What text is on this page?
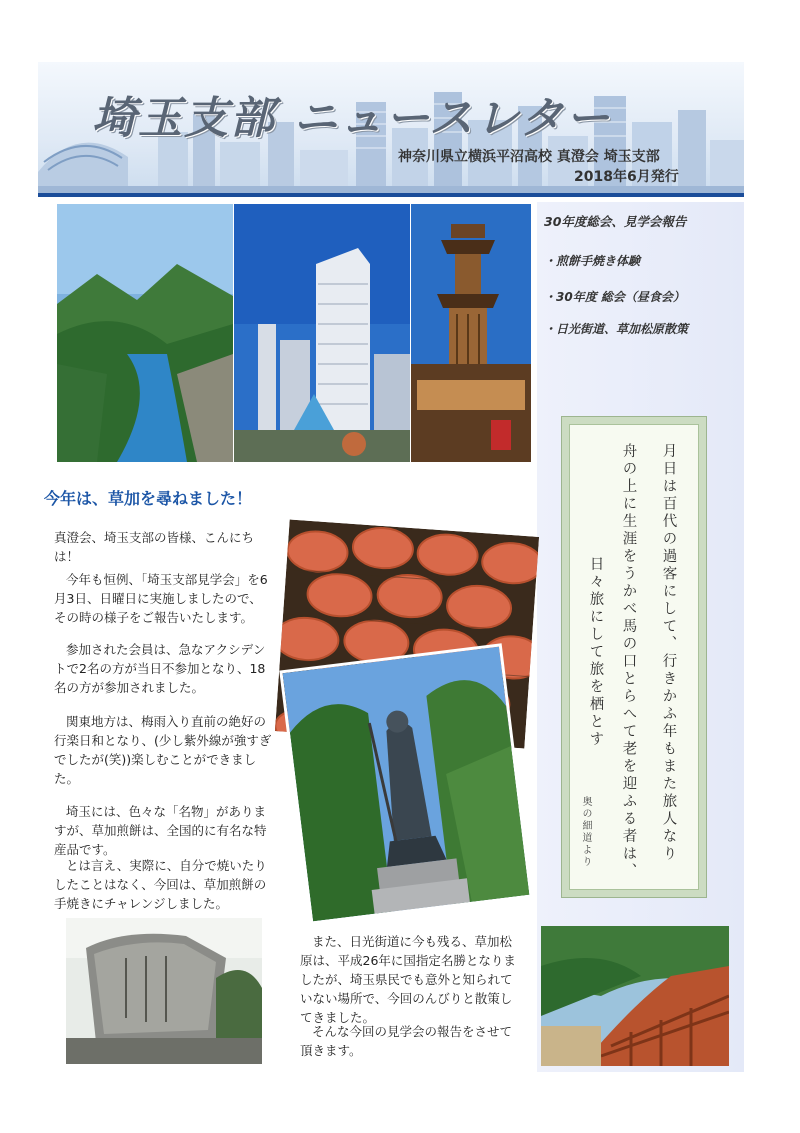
埼玉支部 ニュースレター
神奈川県立横浜平沼高校 真澄会 埼玉支部
2018年6月発行
30年度総会、見学会報告
・煎餅手焼き体験
・30年度 総会（昼食会）
・日光街道、草加松原散策
月日は百代の過客にして、行きかふ年もまた旅人なり
舟の上に生涯をうかべ馬の口とらへて老を迎ふる者は、
日々旅にして旅を栖とす
奥の細道より
今年は、草加を尋ねました！
真澄会、埼玉支部の皆様、こんにちは！
今年も恒例、「埼玉支部見学会」を6月3日、日曜日に実施しましたので、その時の様子をご報告いたします。
参加された会員は、急なアクシデントで2名の方が当日不参加となり、18名の方が参加されました。
関東地方は、梅雨入り直前の絶好の行楽日和となり、(少し紫外線が強すぎでしたが(笑))楽しむことができました。
埼玉には、色々な「名物」がありますが、草加煎餅は、全国的に有名な特産品です。
とは言え、実際に、自分で焼いたりしたことはなく、今回は、草加煎餅の手焼きにチャレンジしました。
また、日光街道に今も残る、草加松原は、平成26年に国指定名勝となりましたが、埼玉県民でも意外と知られていない場所で、今回のんびりと散策してきました。
そんな今回の見学会の報告をさせて頂きます。
